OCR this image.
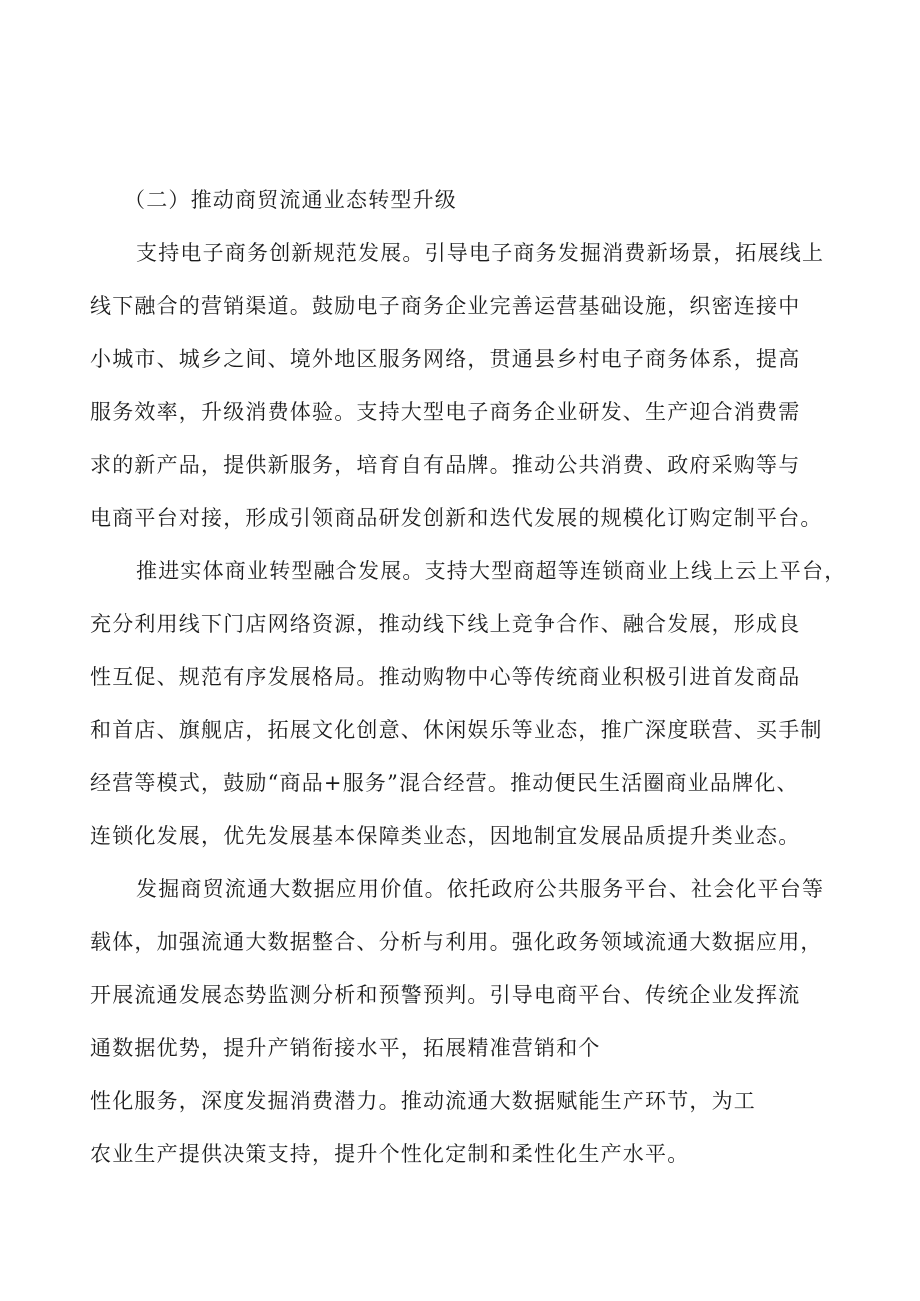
（二）推动商贸流通业态转型升级
支持电子商务创新规范发展。引导电子商务发掘消费新场景，拓展线上
线下融合的营销渠道。鼓励电子商务企业完善运营基础设施，织密连接中
小城市、城乡之间、境外地区服务网络，贯通县乡村电子商务体系，提高
服务效率，升级消费体验。支持大型电子商务企业研发、生产迎合消费需
求的新产品，提供新服务，培育自有品牌。推动公共消费、政府采购等与
电商平台对接，形成引领商品研发创新和迭代发展的规模化订购定制平台。
推进实体商业转型融合发展。支持大型商超等连锁商业上线上云上平台，
充分利用线下门店网络资源，推动线下线上竞争合作、融合发展，形成良
性互促、规范有序发展格局。推动购物中心等传统商业积极引进首发商品
和首店、旗舰店，拓展文化创意、休闲娱乐等业态，推广深度联营、买手制
经营等模式，鼓励“商品+服务”混合经营。推动便民生活圈商业品牌化、
连锁化发展，优先发展基本保障类业态，因地制宜发展品质提升类业态。
发掘商贸流通大数据应用价值。依托政府公共服务平台、社会化平台等
载体，加强流通大数据整合、分析与利用。强化政务领域流通大数据应用，
开展流通发展态势监测分析和预警预判。引导电商平台、传统企业发挥流
通数据优势，提升产销衔接水平，拓展精准营销和个
性化服务，深度发掘消费潜力。推动流通大数据赋能生产环节，为工
农业生产提供决策支持，提升个性化定制和柔性化生产水平。
